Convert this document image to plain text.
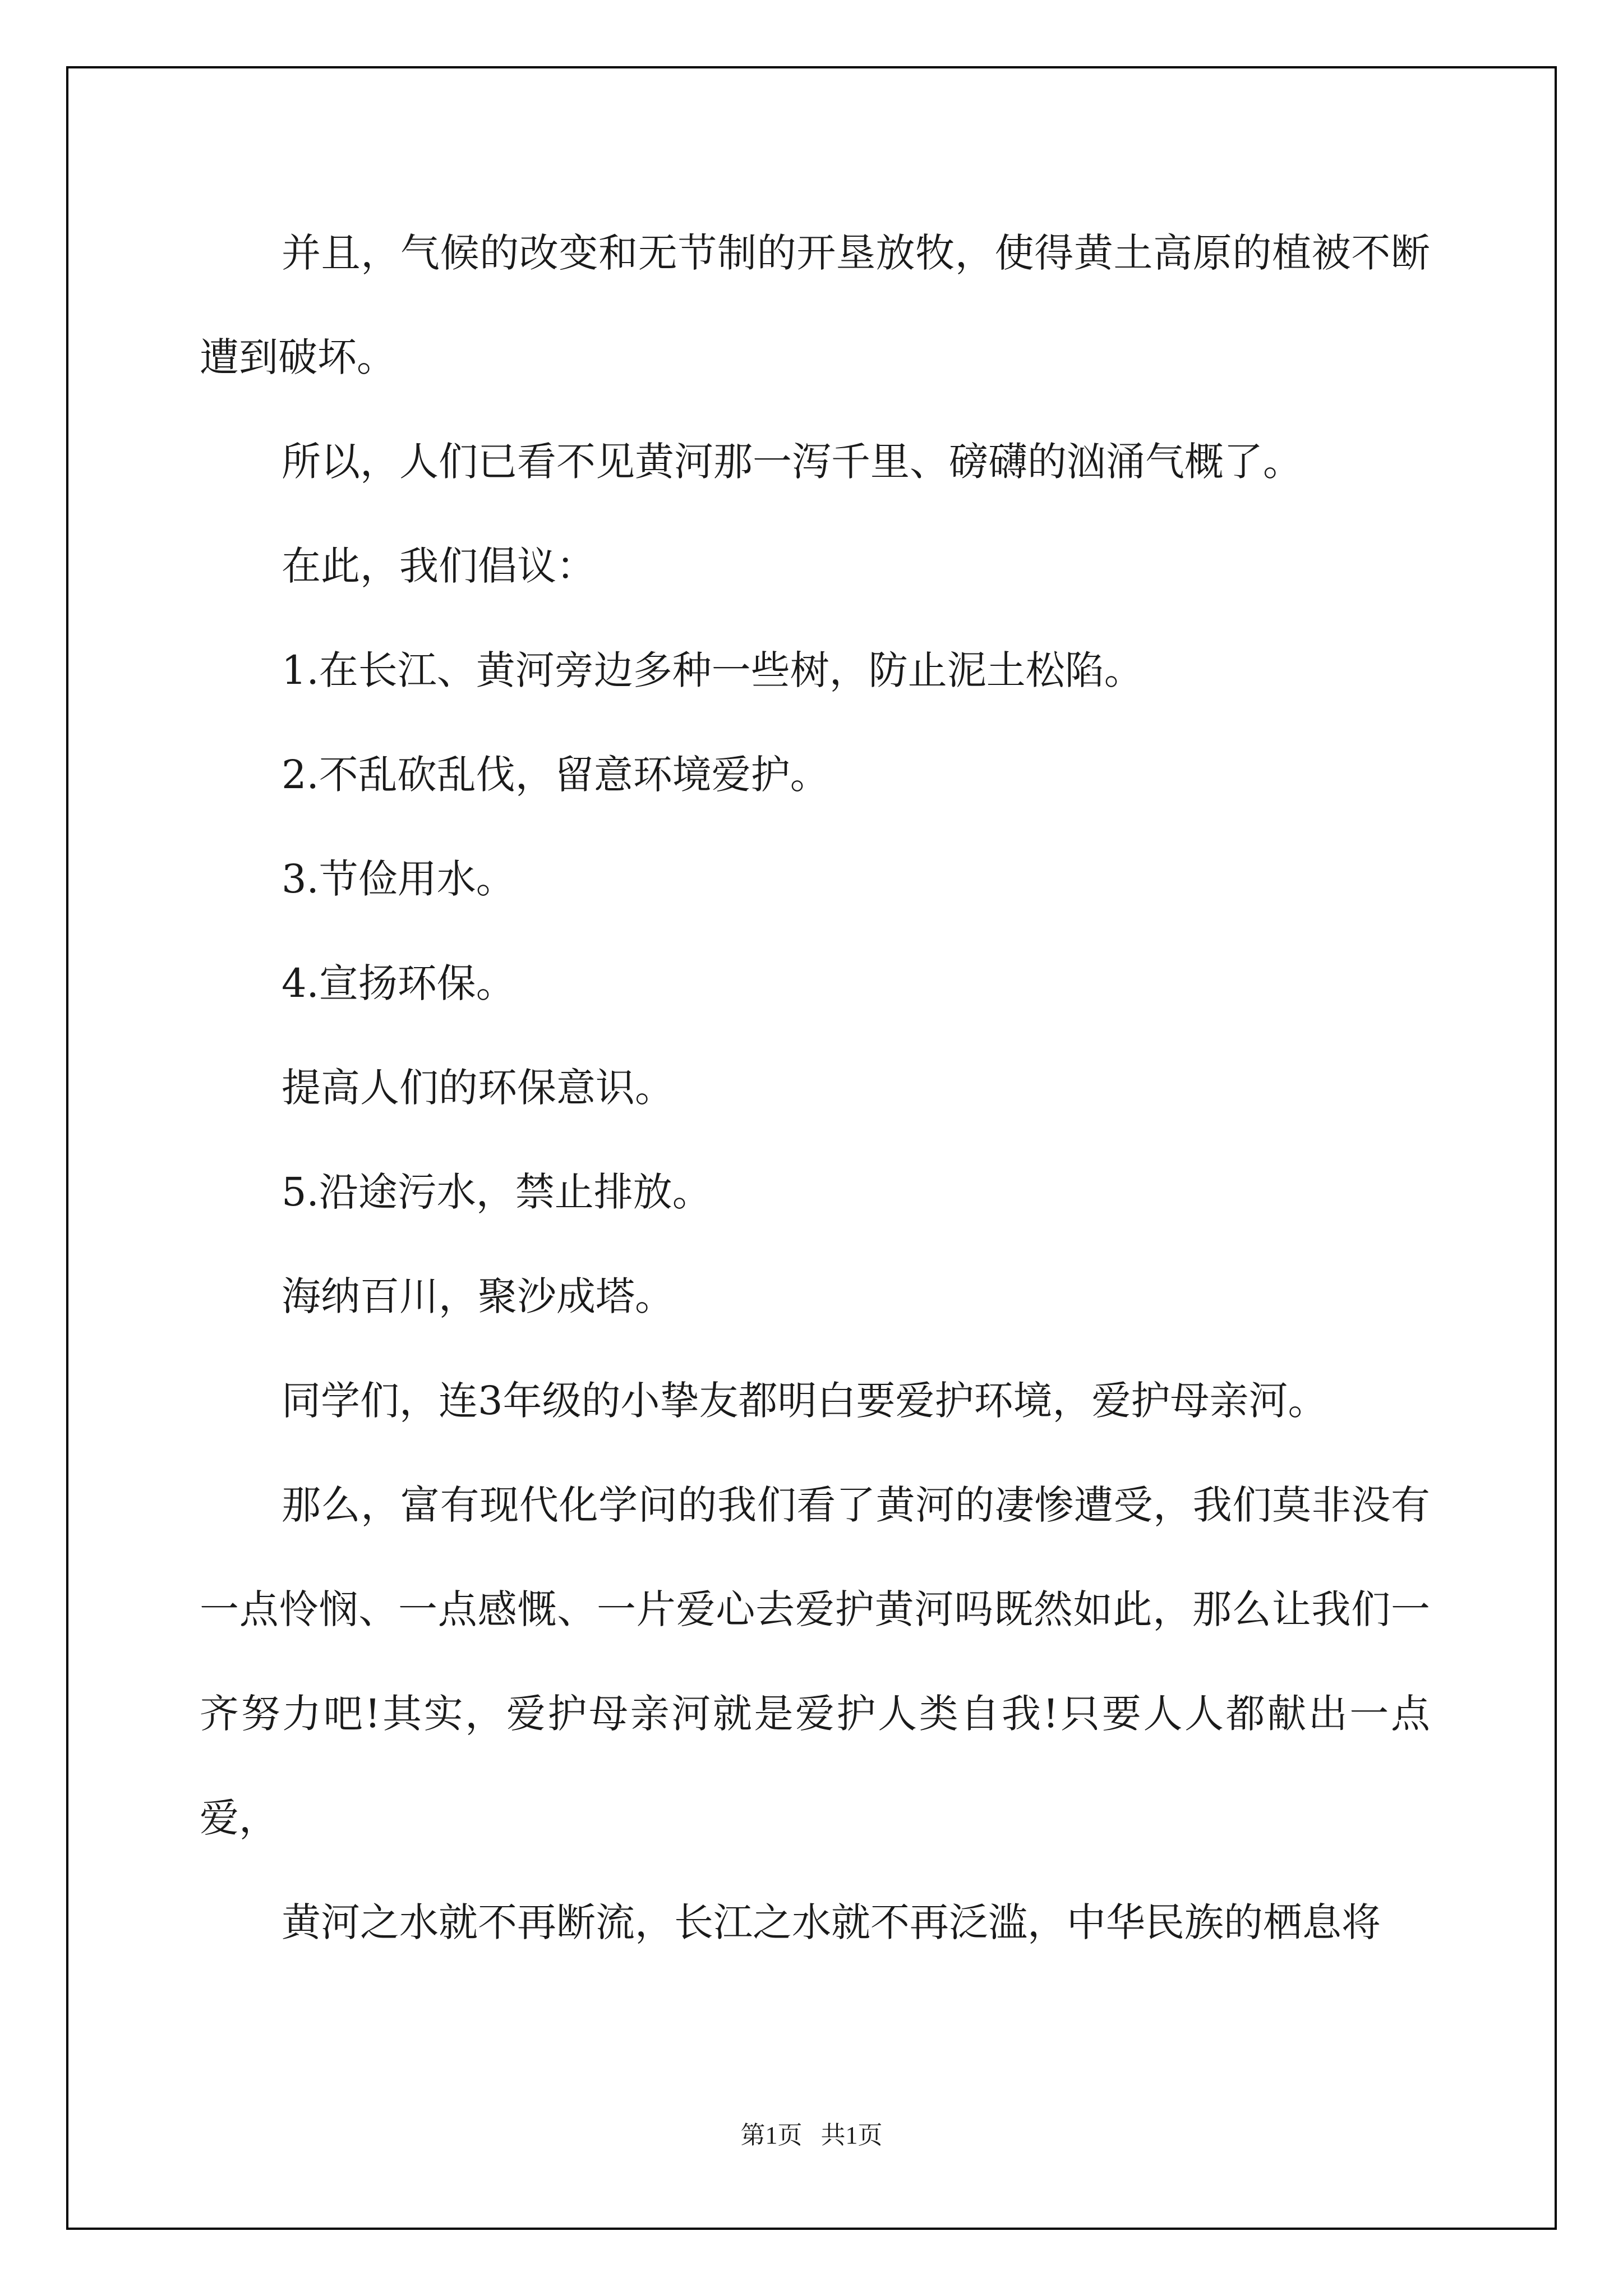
并且，气候的改变和无节制的开垦放牧，使得黄土高原的植被不断遭到破坏。

所以，人们已看不见黄河那一泻千里、磅礴的汹涌气概了。

在此，我们倡议：

1.在长江、黄河旁边多种一些树，防止泥土松陷。

2.不乱砍乱伐，留意环境爱护。

3.节俭用水。

4.宣扬环保。

提高人们的环保意识。

5.沿途污水，禁止排放。

海纳百川，聚沙成塔。

同学们，连3年级的小挚友都明白要爱护环境，爱护母亲河。

那么，富有现代化学问的我们看了黄河的凄惨遭受，我们莫非没有一点怜悯、一点感慨、一片爱心去爱护黄河吗既然如此，那么让我们一齐努力吧!其实，爱护母亲河就是爱护人类自我!只要人人都献出一点爱，

黄河之水就不再断流，长江之水就不再泛滥，中华民族的栖息将

第1页 共1页
